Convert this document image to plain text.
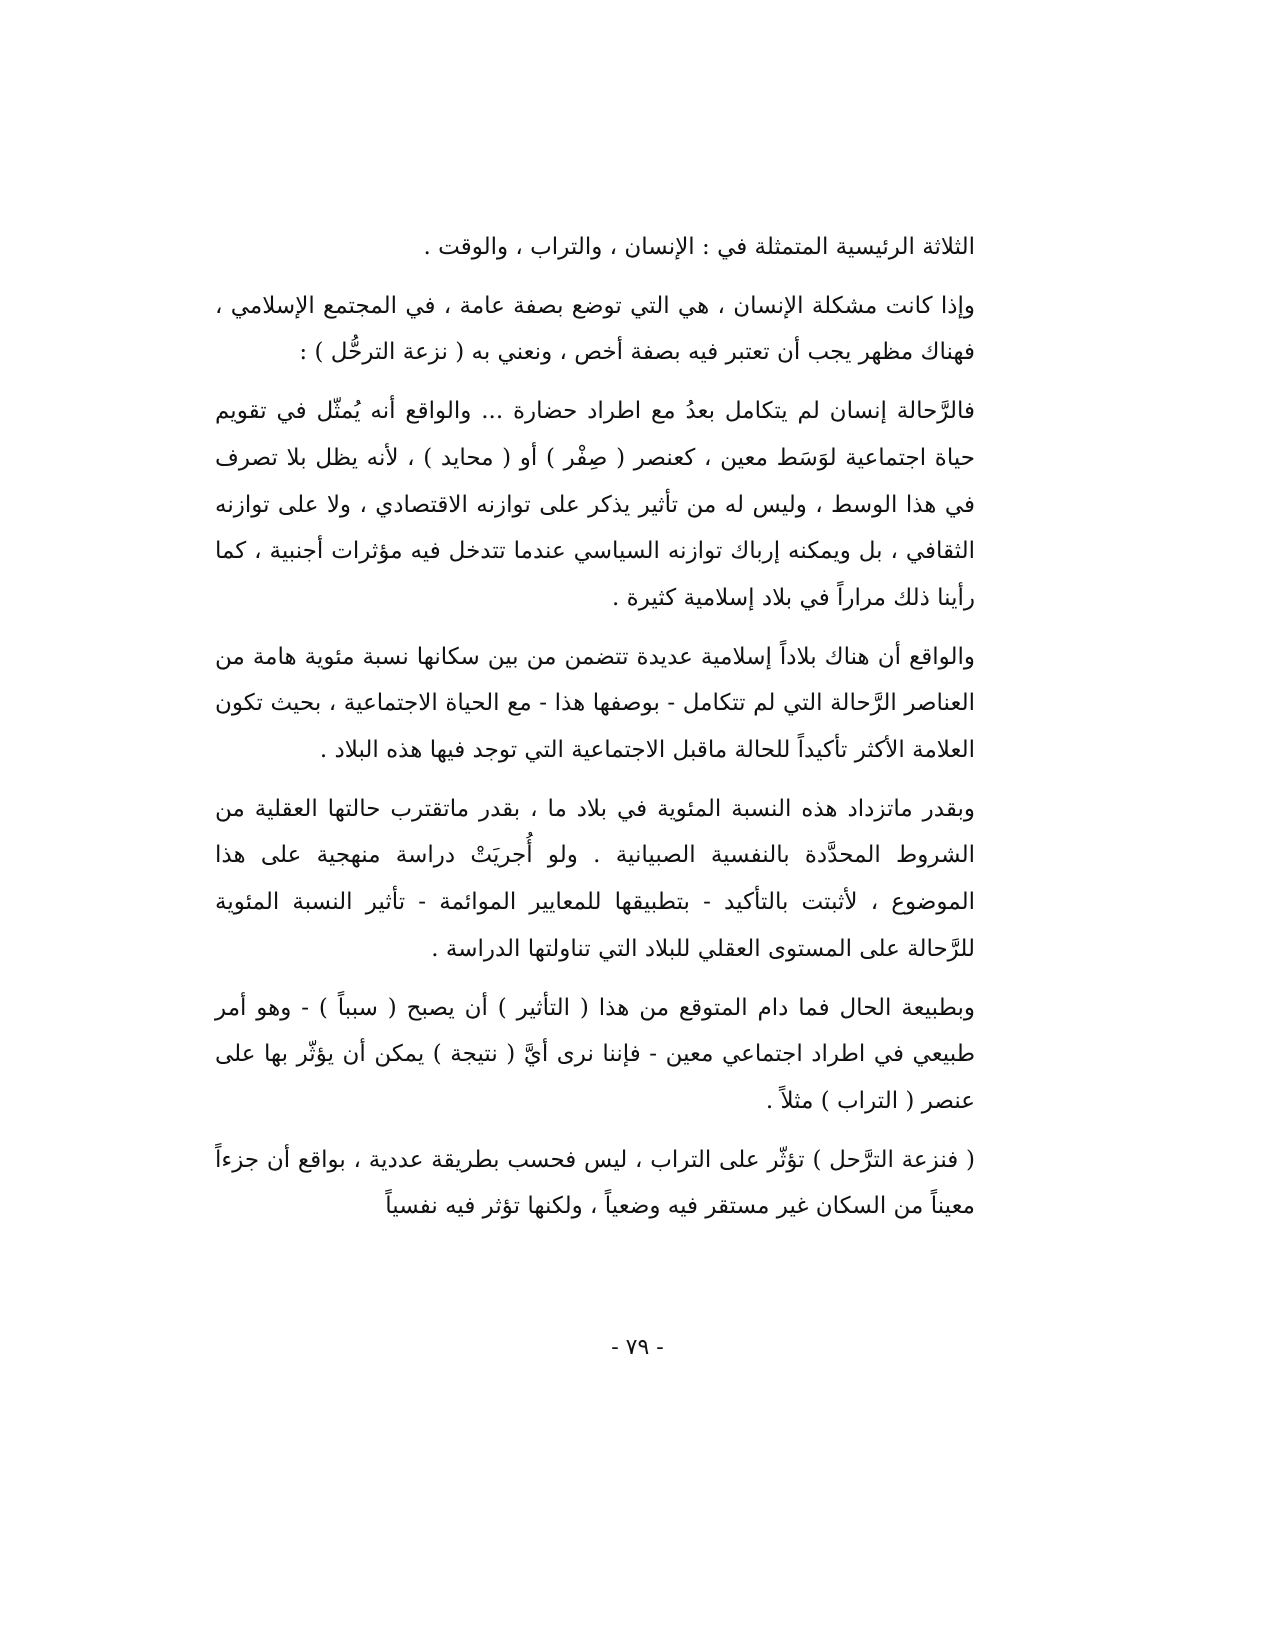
الثلاثة الرئيسية المتمثلة في : الإنسان ، والتراب ، والوقت .

وإذا كانت مشكلة الإنسان ، هي التي توضع بصفة عامة ، في المجتمع الإسلامي ، فهناك مظهر يجب أن تعتبر فيه بصفة أخص ، ونعني به ( نزعة الترحُّل ) :

فالرَّحالة إنسان لم يتكامل بعدُ مع اطراد حضارة ... والواقع أنه يُمثّل في تقويم حياة اجتماعية لوَسَط معين ، كعنصر ( صِفْر ) أو ( محايد ) ، لأنه يظل بلا تصرف في هذا الوسط ، وليس له من تأثير يذكر على توازنه الاقتصادي ، ولا على توازنه الثقافي ، بل ويمكنه إرباك توازنه السياسي عندما تتدخل فيه مؤثرات أجنبية ، كما رأينا ذلك مراراً في بلاد إسلامية كثيرة .

والواقع أن هناك بلاداً إسلامية عديدة تتضمن من بين سكانها نسبة مئوية هامة من العناصر الرَّحالة التي لم تتكامل - بوصفها هذا - مع الحياة الاجتماعية ، بحيث تكون العلامة الأكثر تأكيداً للحالة ماقبل الاجتماعية التي توجد فيها هذه البلاد .

وبقدر ماتزداد هذه النسبة المئوية في بلاد ما ، بقدر ماتقترب حالتها العقلية من الشروط المحدَّدة بالنفسية الصبيانية . ولو أُجريَتْ دراسة منهجية على هذا الموضوع ، لأثبتت بالتأكيد - بتطبيقها للمعايير الموائمة - تأثير النسبة المئوية للرَّحالة على المستوى العقلي للبلاد التي تناولتها الدراسة .

وبطبيعة الحال فما دام المتوقع من هذا ( التأثير ) أن يصبح ( سبباً ) - وهو أمر طبيعي في اطراد اجتماعي معين - فإننا نرى أيَّ ( نتيجة ) يمكن أن يؤثّر بها على عنصر ( التراب ) مثلاً .

( فنزعة الترَّحل ) تؤثّر على التراب ، ليس فحسب بطريقة عددية ، بواقع أن جزءاً معيناً من السكان غير مستقر فيه وضعياً ، ولكنها تؤثر فيه نفسياً

- ٧٩ -
